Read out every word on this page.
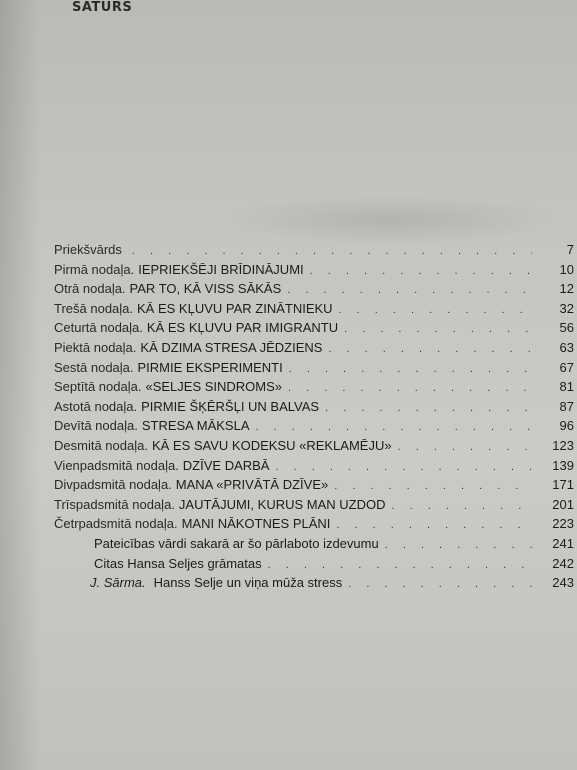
SATURS
Priekšvārds . . .	7
Pirmā nodaļa. IEPRIEKŠĒJI BRĪDINĀJUMI . . .	10
Otrā nodaļa. PAR TO, KĀ VISS SĀKĀS . . .	12
Trešā nodaļa. KĀ ES KĻUVU PAR ZINĀTNIEKU . . .	32
Ceturtā nodaļa. KĀ ES KĻUVU PAR IMIGRANTU . . .	56
Piektā nodaļa. KĀ DZIMA STRESA JĒDZIENS . . .	63
Sestā nodaļa. PIRMIE EKSPERIMENTI . . .	67
Septītā nodaļa. «SELJES SINDROMS» . . .	81
Astotā nodaļa. PIRMIE ŠĶĒRŠĻI UN BALVAS . . .	87
Devītā nodaļa. STRESA MĀKSLA . . .	96
Desmitā nodaļa. KĀ ES SAVU KODEKSU «REKLAMĒJU» . . .	123
Vienpadsmitā nodaļa. DZĪVE DARBĀ . . .	139
Divpadsmitā nodaļa. MANA «PRIVĀTĀ DZĪVE» . . .	171
Trīspadsmitā nodaļa. JAUTĀJUMI, KURUS MAN UZDOD . . .	201
Četrpadsmitā nodaļa. MANI NĀKOTNES PLĀNI . . .	223
Pateicības vārdi sakarā ar šo pārlaboto izdevumu . . .	241
Citas Hansa Seljes grāmatas . . .	242
J. Sārma. Hanss Selje un viņa mūža stress . . .	243
